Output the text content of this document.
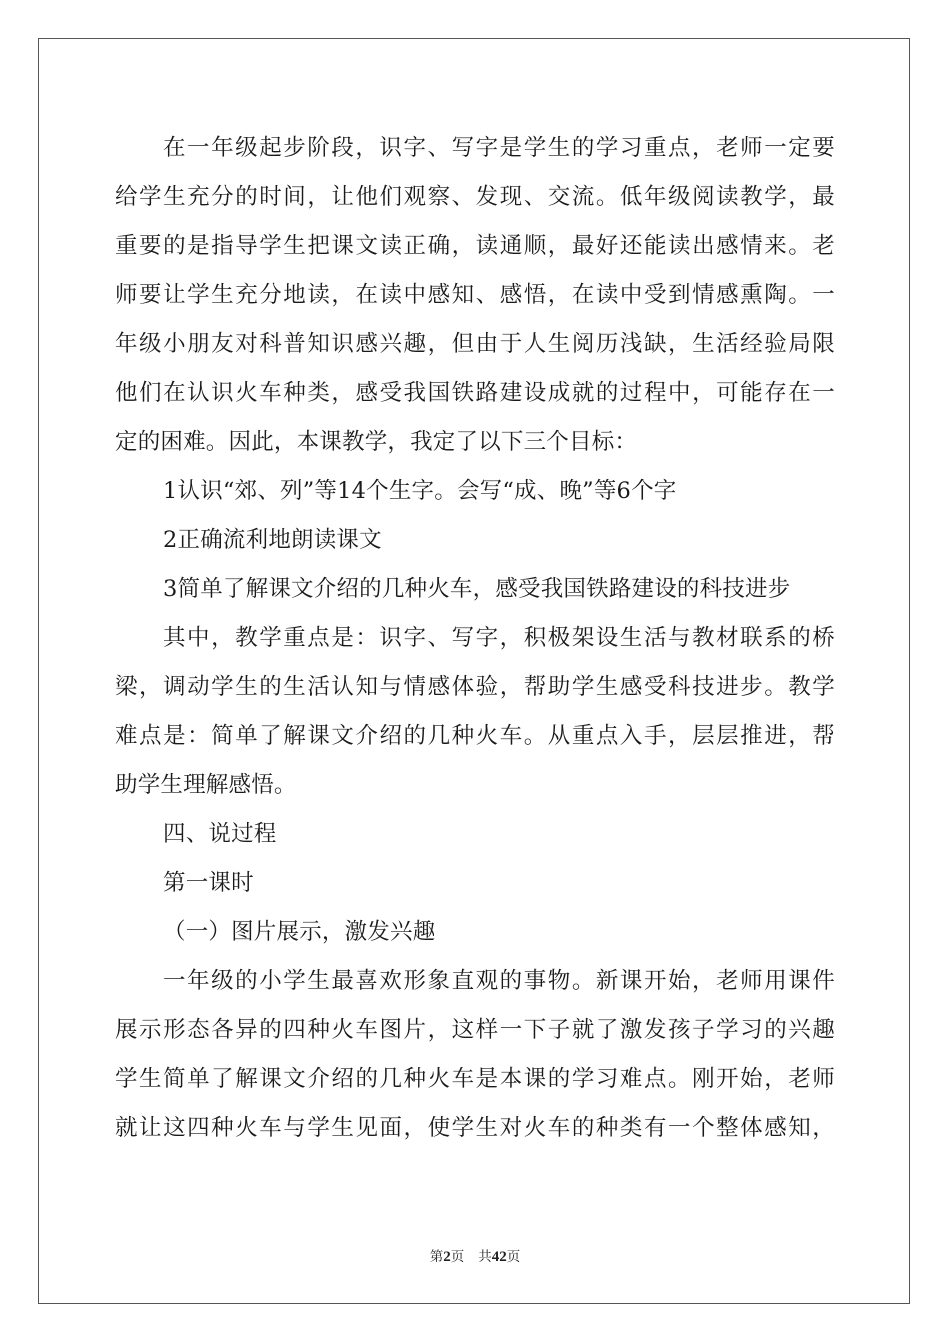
在一年级起步阶段，识字、写字是学生的学习重点，老师一定要
给学生充分的时间，让他们观察、发现、交流。低年级阅读教学，最
重要的是指导学生把课文读正确，读通顺，最好还能读出感情来。老
师要让学生充分地读，在读中感知、感悟，在读中受到情感熏陶。一
年级小朋友对科普知识感兴趣，但由于人生阅历浅缺，生活经验局限
他们在认识火车种类，感受我国铁路建设成就的过程中，可能存在一
定的困难。因此，本课教学，我定了以下三个目标：
1认识“郊、列”等14个生字。会写“成、晚”等6个字
2正确流利地朗读课文
3简单了解课文介绍的几种火车，感受我国铁路建设的科技进步
其中，教学重点是：识字、写字，积极架设生活与教材联系的桥
梁，调动学生的生活认知与情感体验，帮助学生感受科技进步。教学
难点是：简单了解课文介绍的几种火车。从重点入手，层层推进，帮
助学生理解感悟。
四、说过程
第一课时
（一）图片展示，激发兴趣
一年级的小学生最喜欢形象直观的事物。新课开始，老师用课件
展示形态各异的四种火车图片，这样一下子就了激发孩子学习的兴趣
学生简单了解课文介绍的几种火车是本课的学习难点。刚开始，老师
就让这四种火车与学生见面，使学生对火车的种类有一个整体感知，
第2页 共42页
